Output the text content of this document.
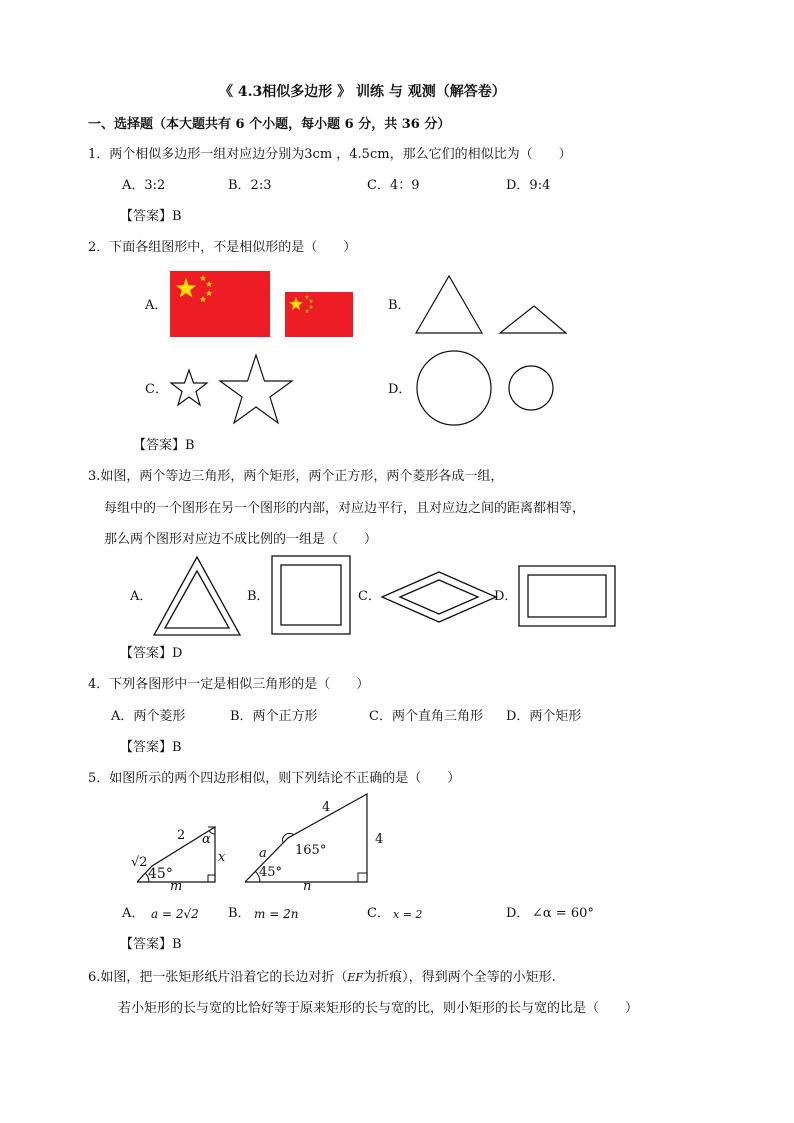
《 4.3相似多边形 》 训练 与 观测（解答卷）
一、选择题（本大题共有 6 个小题，每小题 6 分，共 36 分）
1．两个相似多边形一组对应边分别为3cm ，4.5cm，那么它们的相似比为（　　）
A．3:2	B．2:3	C．4：9	D．9:4
【答案】B
2．下面各组图形中，不是相似形的是（　　）
A．	B．
C．	D．
【答案】B
3.如图，两个等边三角形，两个矩形，两个正方形，两个菱形各成一组，
每组中的一个图形在另一个图形的内部，对应边平行，且对应边之间的距离都相等，
那么两个图形对应边不成比例的一组是（　　）
A．	B．	C．	D．
【答案】D
4．下列各图形中一定是相似三角形的是（　　）
A．两个菱形	B．两个正方形	C．两个直角三角形 D．两个矩形
【答案】B
5．如图所示的两个四边形相似，则下列结论不正确的是（　　）
2
√2
45°
α
x
m
4
4
165°
a
45°
n
A． a = 2√2 B． m = 2n	C． x = 2	D． ∠α = 60°
【答案】B
6.如图，把一张矩形纸片沿着它的长边对折（EF为折痕），得到两个全等的小矩形.
若小矩形的长与宽的比恰好等于原来矩形的长与宽的比，则小矩形的长与宽的比是（　　）
